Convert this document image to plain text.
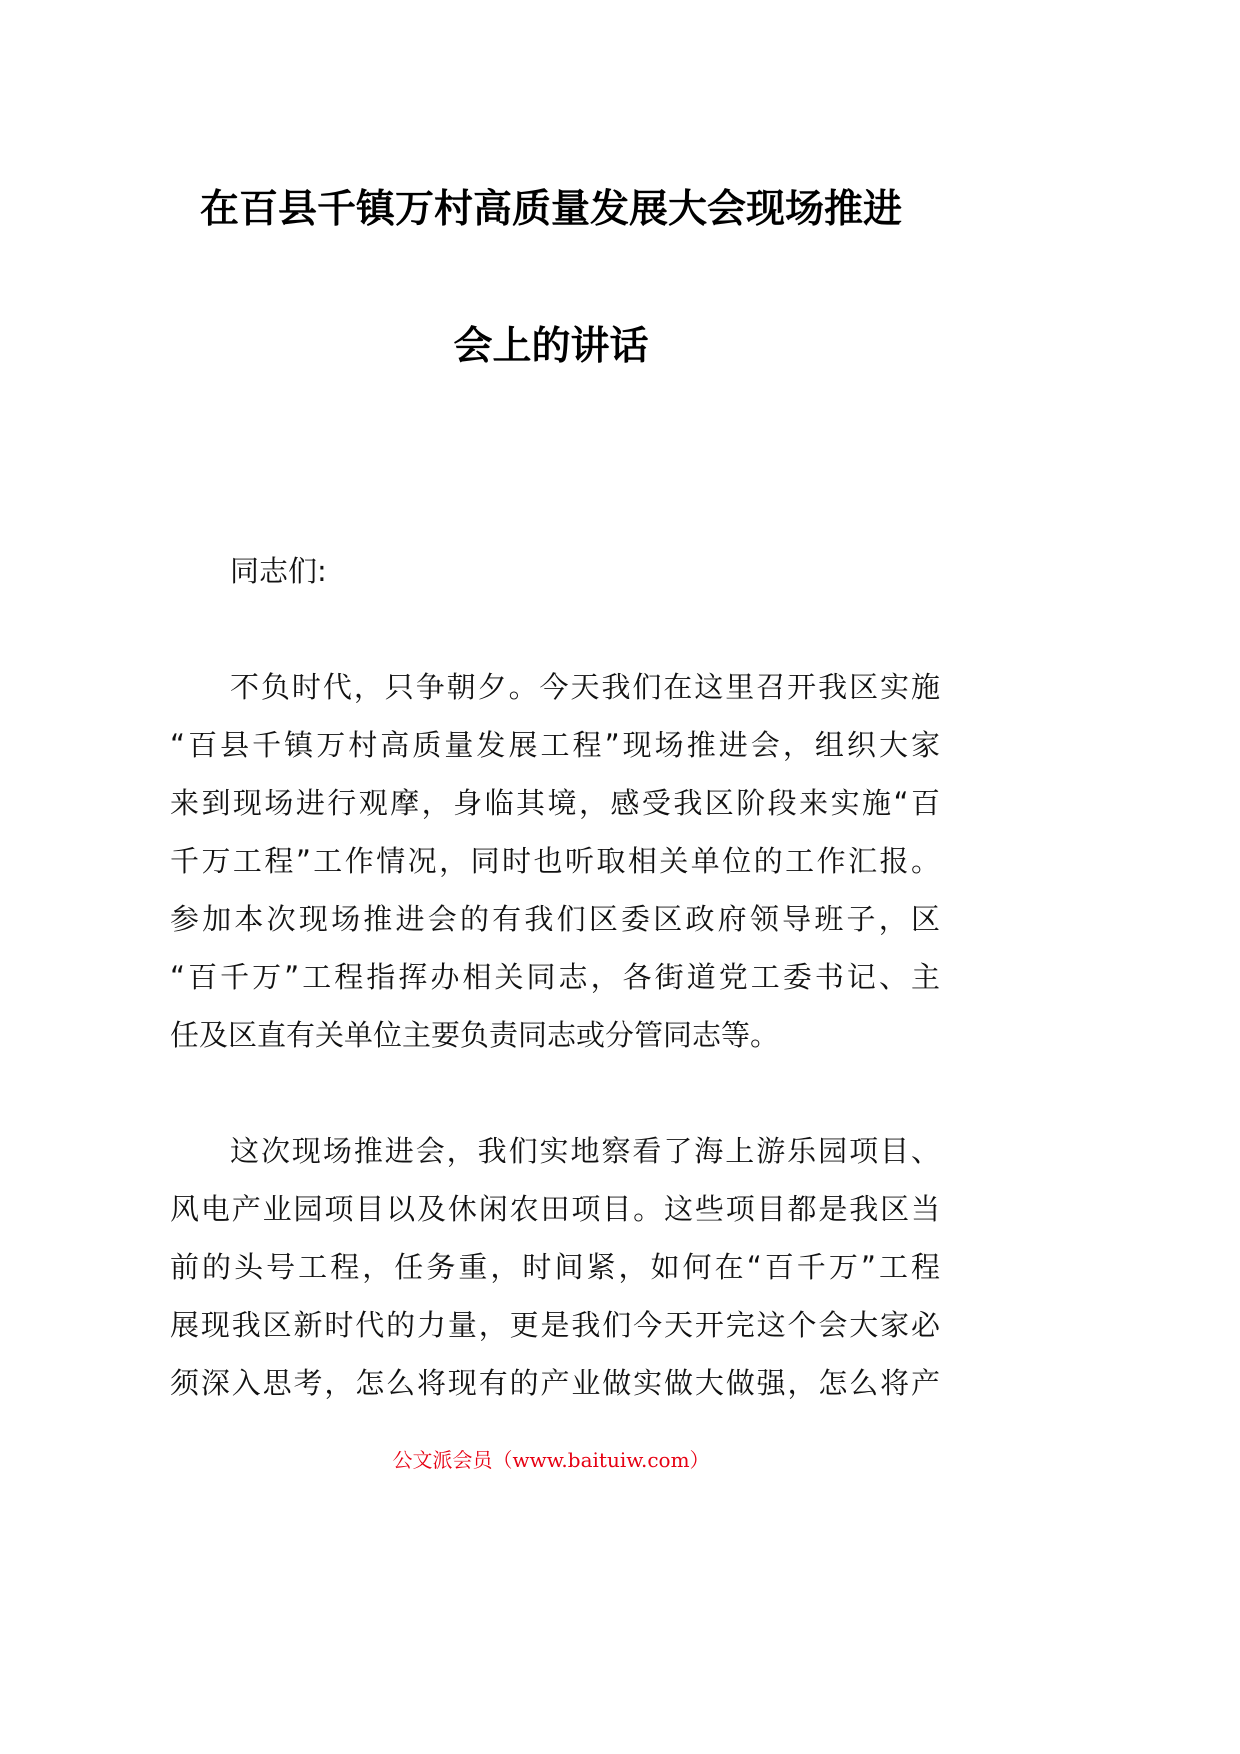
在百县千镇万村高质量发展大会现场推进
会上的讲话
同志们:
不负时代，只争朝夕。今天我们在这里召开我区实施
“百县千镇万村高质量发展工程”现场推进会，组织大家
来到现场进行观摩，身临其境，感受我区阶段来实施“百
千万工程”工作情况，同时也听取相关单位的工作汇报。
参加本次现场推进会的有我们区委区政府领导班子，区
“百千万”工程指挥办相关同志，各街道党工委书记、主
任及区直有关单位主要负责同志或分管同志等。
这次现场推进会，我们实地察看了海上游乐园项目、
风电产业园项目以及休闲农田项目。这些项目都是我区当
前的头号工程，任务重，时间紧，如何在“百千万”工程
展现我区新时代的力量，更是我们今天开完这个会大家必
须深入思考，怎么将现有的产业做实做大做强，怎么将产
公文派会员（www.baituiw.com）
